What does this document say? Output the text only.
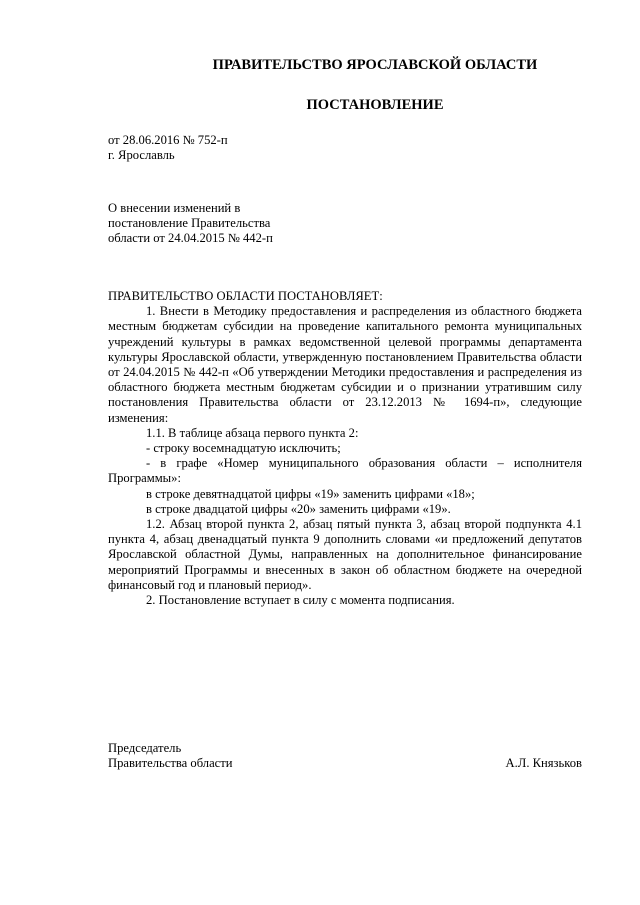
ПРАВИТЕЛЬСТВО ЯРОСЛАВСКОЙ ОБЛАСТИ
ПОСТАНОВЛЕНИЕ
от 28.06.2016 № 752-п
г. Ярославль
О внесении изменений в
постановление Правительства
области от 24.04.2015 № 442-п

ПРАВИТЕЛЬСТВО ОБЛАСТИ ПОСТАНОВЛЯЕТ:

1. Внести в Методику предоставления и распределения из областного бюджета местным бюджетам субсидии на проведение капитального ремонта муниципальных учреждений культуры в рамках ведомственной целевой программы департамента культуры Ярославской области, утвержденную постановлением Правительства области от 24.04.2015 № 442-п «Об утверждении Методики предоставления и распределения из областного бюджета местным бюджетам субсидии и о признании утратившим силу постановления Правительства области от 23.12.2013 № 1694-п», следующие изменения:

1.1. В таблице абзаца первого пункта 2:

- строку восемнадцатую исключить;

- в графе «Номер муниципального образования области – исполнителя Программы»:

в строке девятнадцатой цифры «19» заменить цифрами «18»;

в строке двадцатой цифры «20» заменить цифрами «19».

1.2. Абзац второй пункта 2, абзац пятый пункта 3, абзац второй подпункта 4.1 пункта 4, абзац двенадцатый пункта 9 дополнить словами «и предложений депутатов Ярославской областной Думы, направленных на дополнительное финансирование мероприятий Программы и внесенных в закон об областном бюджете на очередной финансовый год и плановый период».

2. Постановление вступает в силу с момента подписания.

Председатель
Правительства области	А.Л. Князьков
